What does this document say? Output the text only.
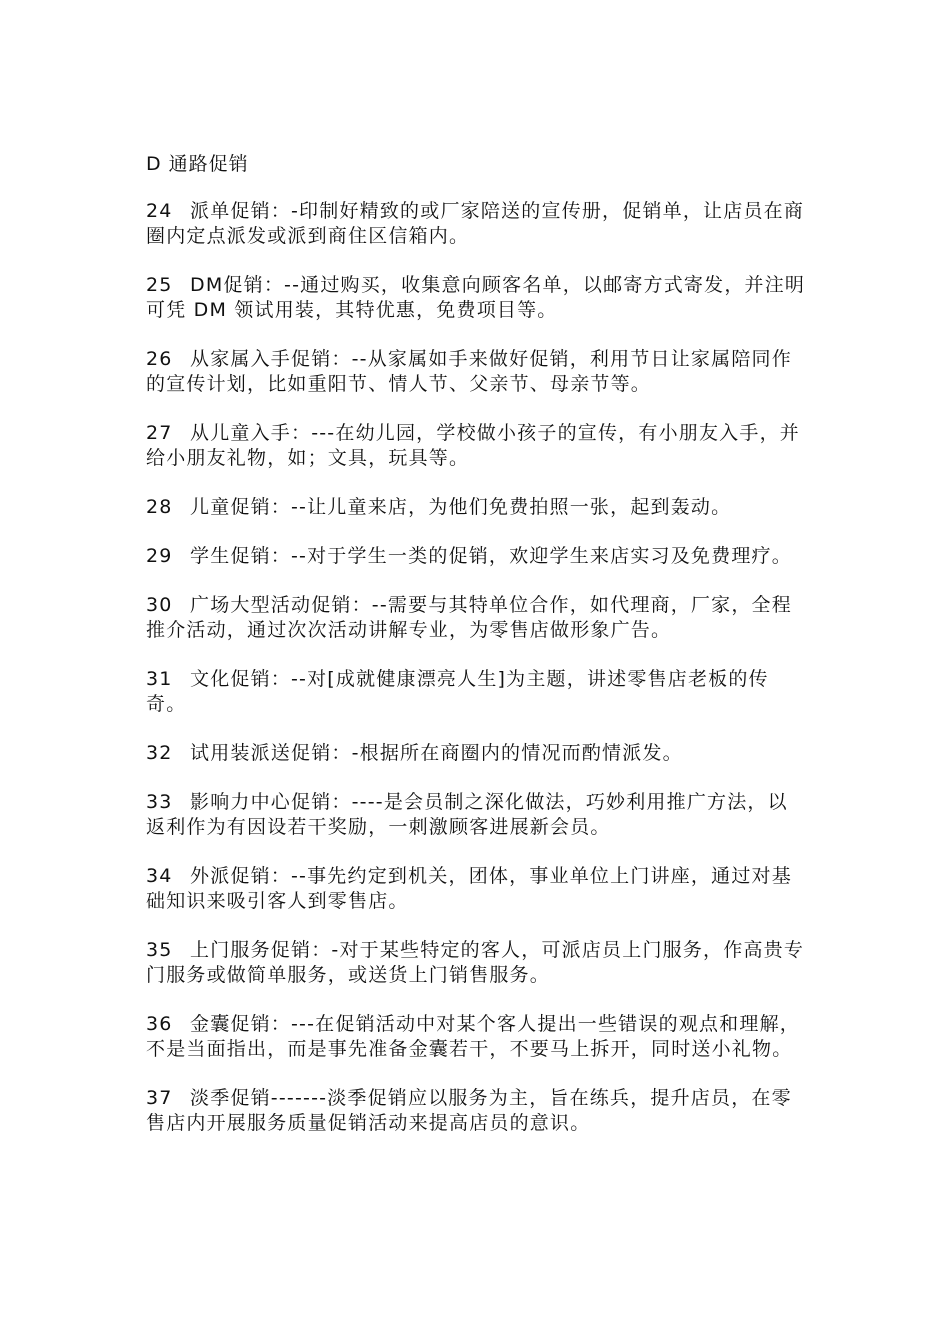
D 通路促销
24 派单促销：-印制好精致的或厂家陪送的宣传册，促销单，让店员在商圈内定点派发或派到商住区信箱内。
25 DM促销：--通过购买，收集意向顾客名单，以邮寄方式寄发，并注明可凭 DM 领试用装，其特优惠，免费项目等。
26 从家属入手促销：--从家属如手来做好促销，利用节日让家属陪同作的宣传计划，比如重阳节、情人节、父亲节、母亲节等。
27 从儿童入手：---在幼儿园，学校做小孩子的宣传，有小朋友入手，并给小朋友礼物，如；文具，玩具等。
28 儿童促销：--让儿童来店，为他们免费拍照一张，起到轰动。
29 学生促销：--对于学生一类的促销，欢迎学生来店实习及免费理疗。
30 广场大型活动促销：--需要与其特单位合作，如代理商，厂家，全程推介活动，通过次次活动讲解专业，为零售店做形象广告。
31 文化促销：--对[成就健康漂亮人生]为主题，讲述零售店老板的传奇。
32 试用装派送促销：-根据所在商圈内的情况而酌情派发。
33 影响力中心促销：----是会员制之深化做法，巧妙利用推广方法，以返利作为有因设若干奖励，一刺激顾客进展新会员。
34 外派促销：--事先约定到机关，团体，事业单位上门讲座，通过对基础知识来吸引客人到零售店。
35 上门服务促销：-对于某些特定的客人，可派店员上门服务，作高贵专门服务或做简单服务，或送货上门销售服务。
36 金囊促销：---在促销活动中对某个客人提出一些错误的观点和理解，不是当面指出，而是事先准备金囊若干，不要马上拆开，同时送小礼物。
37 淡季促销-------淡季促销应以服务为主，旨在练兵，提升店员，在零售店内开展服务质量促销活动来提高店员的意识。
